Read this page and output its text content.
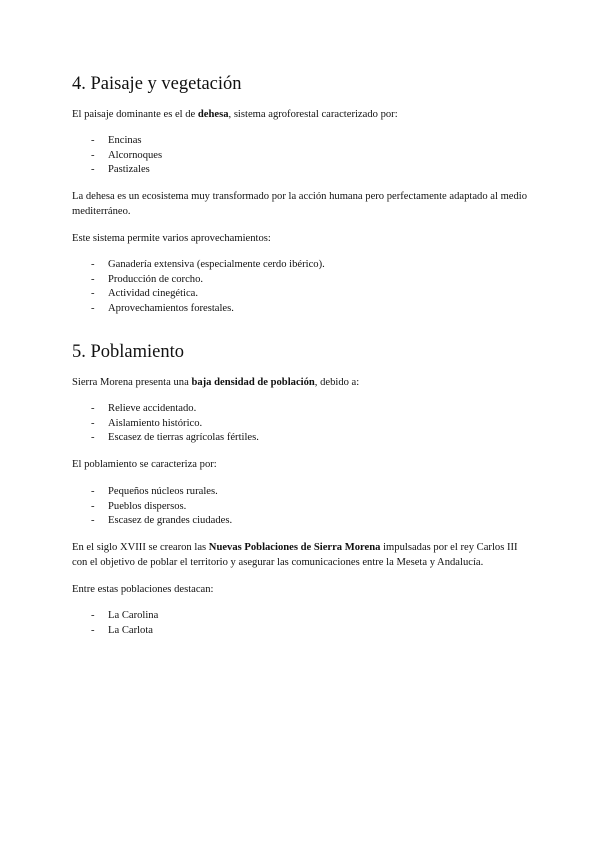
4. Paisaje y vegetación

El paisaje dominante es el de dehesa, sistema agroforestal caracterizado por:

- Encinas
- Alcornoques
- Pastizales

La dehesa es un ecosistema muy transformado por la acción humana pero perfectamente adaptado al medio mediterráneo.

Este sistema permite varios aprovechamientos:

- Ganadería extensiva (especialmente cerdo ibérico).
- Producción de corcho.
- Actividad cinegética.
- Aprovechamientos forestales.
5. Poblamiento

Sierra Morena presenta una baja densidad de población, debido a:

- Relieve accidentado.
- Aislamiento histórico.
- Escasez de tierras agrícolas fértiles.

El poblamiento se caracteriza por:

- Pequeños núcleos rurales.
- Pueblos dispersos.
- Escasez de grandes ciudades.

En el siglo XVIII se crearon las Nuevas Poblaciones de Sierra Morena impulsadas por el rey Carlos III con el objetivo de poblar el territorio y asegurar las comunicaciones entre la Meseta y Andalucía.

Entre estas poblaciones destacan:

- La Carolina
- La Carlota
